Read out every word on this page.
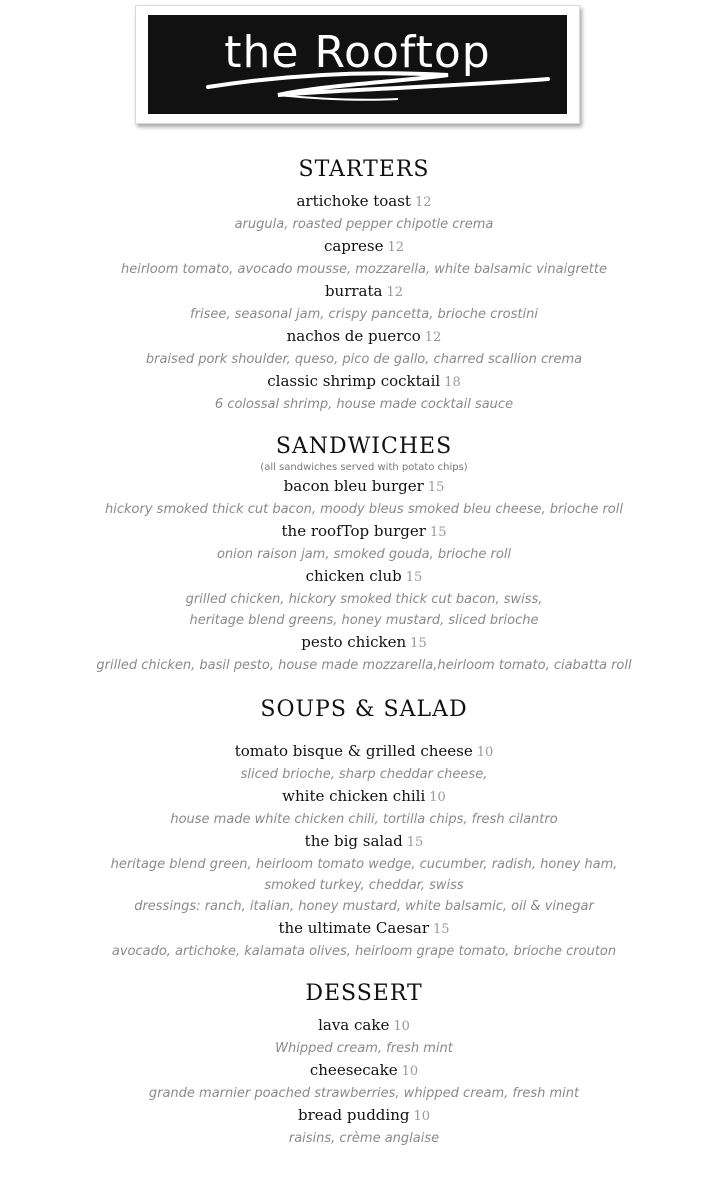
the Rooftop
STARTERS
artichoke toast 12
arugula, roasted pepper chipotle crema
caprese 12
heirloom tomato, avocado mousse, mozzarella, white balsamic vinaigrette
burrata 12
frisee, seasonal jam, crispy pancetta, brioche crostini
nachos de puerco 12
braised pork shoulder, queso, pico de gallo, charred scallion crema
classic shrimp cocktail 18
6 colossal shrimp, house made cocktail sauce
SANDWICHES
(all sandwiches served with potato chips)
bacon bleu burger 15
hickory smoked thick cut bacon, moody bleus smoked bleu cheese, brioche roll
the roofTop burger 15
onion raison jam, smoked gouda, brioche roll
chicken club 15
grilled chicken, hickory smoked thick cut bacon, swiss,
heritage blend greens, honey mustard, sliced brioche
pesto chicken 15
grilled chicken, basil pesto, house made mozzarella,heirloom tomato, ciabatta roll
SOUPS & SALAD
tomato bisque & grilled cheese 10
sliced brioche, sharp cheddar cheese,
white chicken chili 10
house made white chicken chili, tortilla chips, fresh cilantro
the big salad 15
heritage blend green, heirloom tomato wedge, cucumber, radish, honey ham,
smoked turkey, cheddar, swiss
dressings: ranch, italian, honey mustard, white balsamic, oil & vinegar
the ultimate Caesar 15
avocado, artichoke, kalamata olives, heirloom grape tomato, brioche crouton
DESSERT
lava cake 10
Whipped cream, fresh mint
cheesecake 10
grande marnier poached strawberries, whipped cream, fresh mint
bread pudding 10
raisins, crème anglaise
